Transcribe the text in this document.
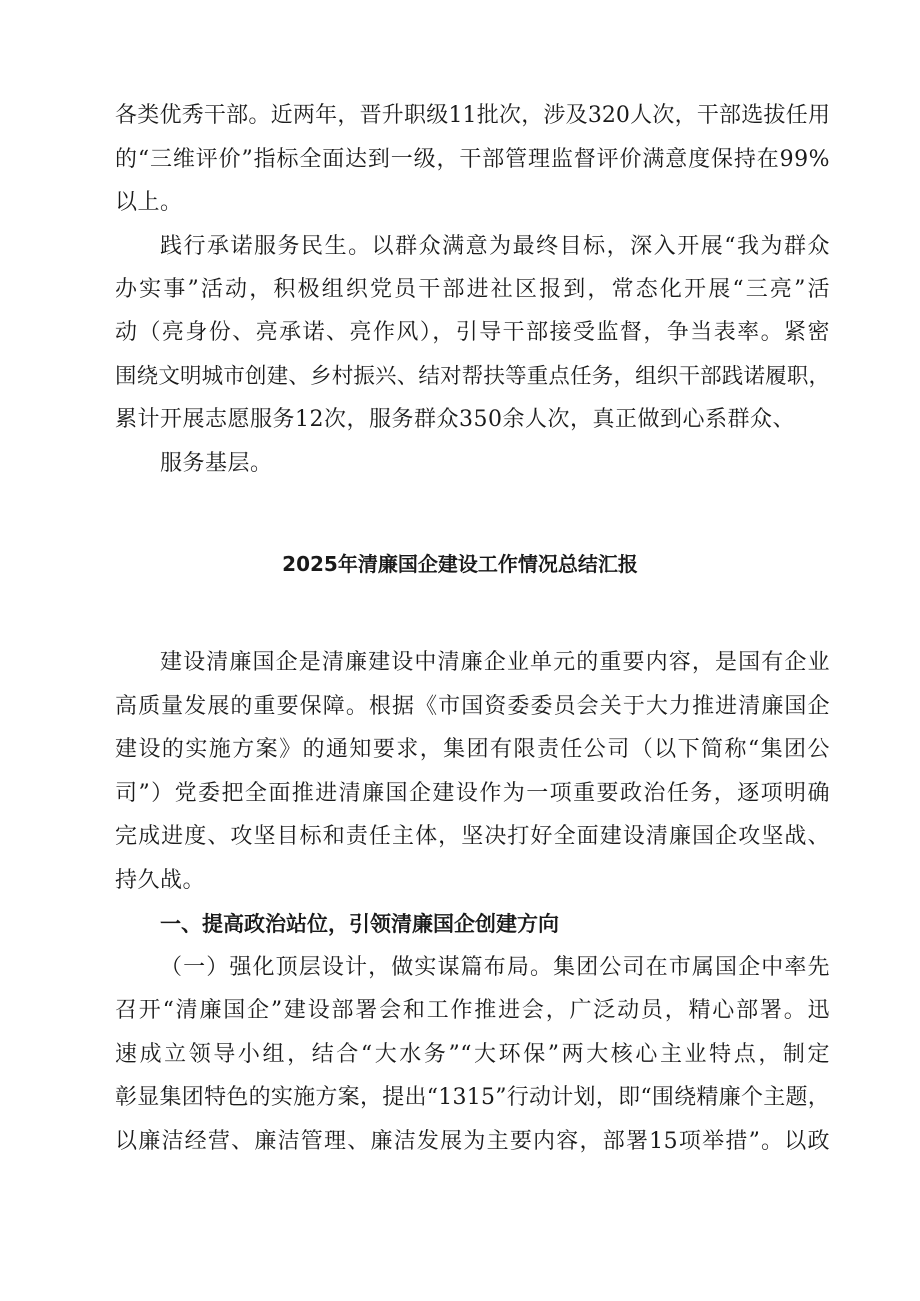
各类优秀干部。近两年，晋升职级11批次，涉及320人次，干部选拔任用
的“三维评价”指标全面达到一级，干部管理监督评价满意度保持在99%
以上。
践行承诺服务民生。以群众满意为最终目标，深入开展“我为群众
办实事”活动，积极组织党员干部进社区报到，常态化开展“三亮”活
动（亮身份、亮承诺、亮作风），引导干部接受监督，争当表率。紧密
围绕文明城市创建、乡村振兴、结对帮扶等重点任务，组织干部践诺履职，
累计开展志愿服务12次，服务群众350余人次，真正做到心系群众、
服务基层。
2025年清廉国企建设工作情况总结汇报
建设清廉国企是清廉建设中清廉企业单元的重要内容，是国有企业
高质量发展的重要保障。根据《市国资委委员会关于大力推进清廉国企
建设的实施方案》的通知要求，集团有限责任公司（以下简称“集团公
司”）党委把全面推进清廉国企建设作为一项重要政治任务，逐项明确
完成进度、攻坚目标和责任主体，坚决打好全面建设清廉国企攻坚战、
持久战。
一、提高政治站位，引领清廉国企创建方向
（一）强化顶层设计，做实谋篇布局。集团公司在市属国企中率先
召开“清廉国企”建设部署会和工作推进会，广泛动员，精心部署。迅
速成立领导小组，结合“大水务”“大环保”两大核心主业特点，制定
彰显集团特色的实施方案，提出“1315”行动计划，即“围绕精廉个主题，
以廉洁经营、廉洁管理、廉洁发展为主要内容，部署15项举措”。以政
